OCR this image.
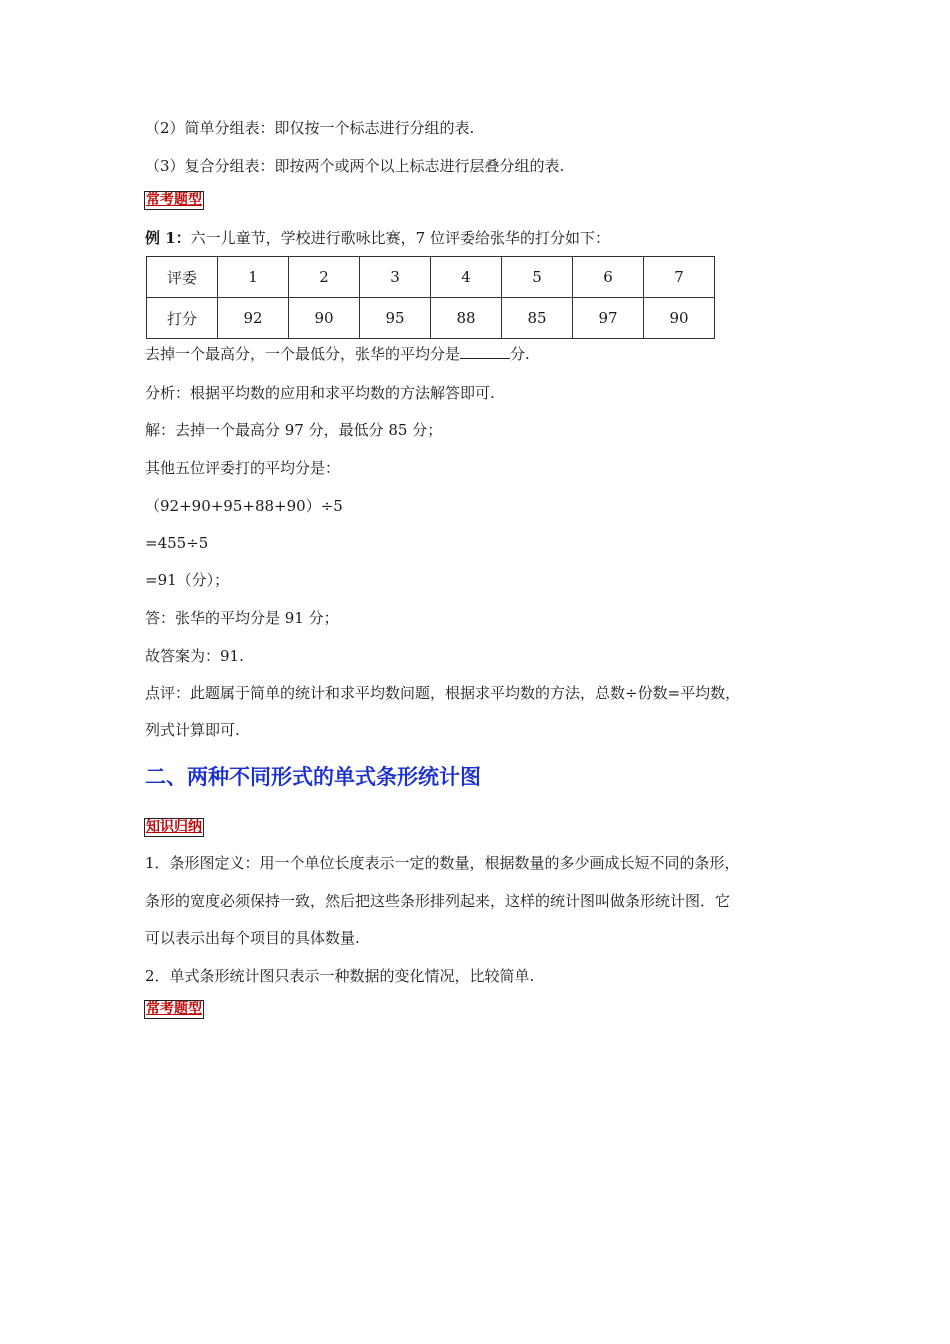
（2）简单分组表：即仅按一个标志进行分组的表.
（3）复合分组表：即按两个或两个以上标志进行层叠分组的表.
常考题型
例 1：六一儿童节，学校进行歌咏比赛，7 位评委给张华的打分如下：
评委	1	2	3	4	5	6	7
打分	92	90	95	88	85	97	90
去掉一个最高分，一个最低分，张华的平均分是	分.
分析：根据平均数的应用和求平均数的方法解答即可.
解：去掉一个最高分 97 分，最低分 85 分；
其他五位评委打的平均分是：
（92+90+95+88+90）÷5
=455÷5
=91（分）；
答：张华的平均分是 91 分；
故答案为：91.
点评：此题属于简单的统计和求平均数问题，根据求平均数的方法，总数÷份数=平均数，
列式计算即可.
二、两种不同形式的单式条形统计图
知识归纳
1．条形图定义：用一个单位长度表示一定的数量，根据数量的多少画成长短不同的条形，
条形的宽度必须保持一致，然后把这些条形排列起来，这样的统计图叫做条形统计图．它
可以表示出每个项目的具体数量.
2．单式条形统计图只表示一种数据的变化情况，比较简单.
常考题型
